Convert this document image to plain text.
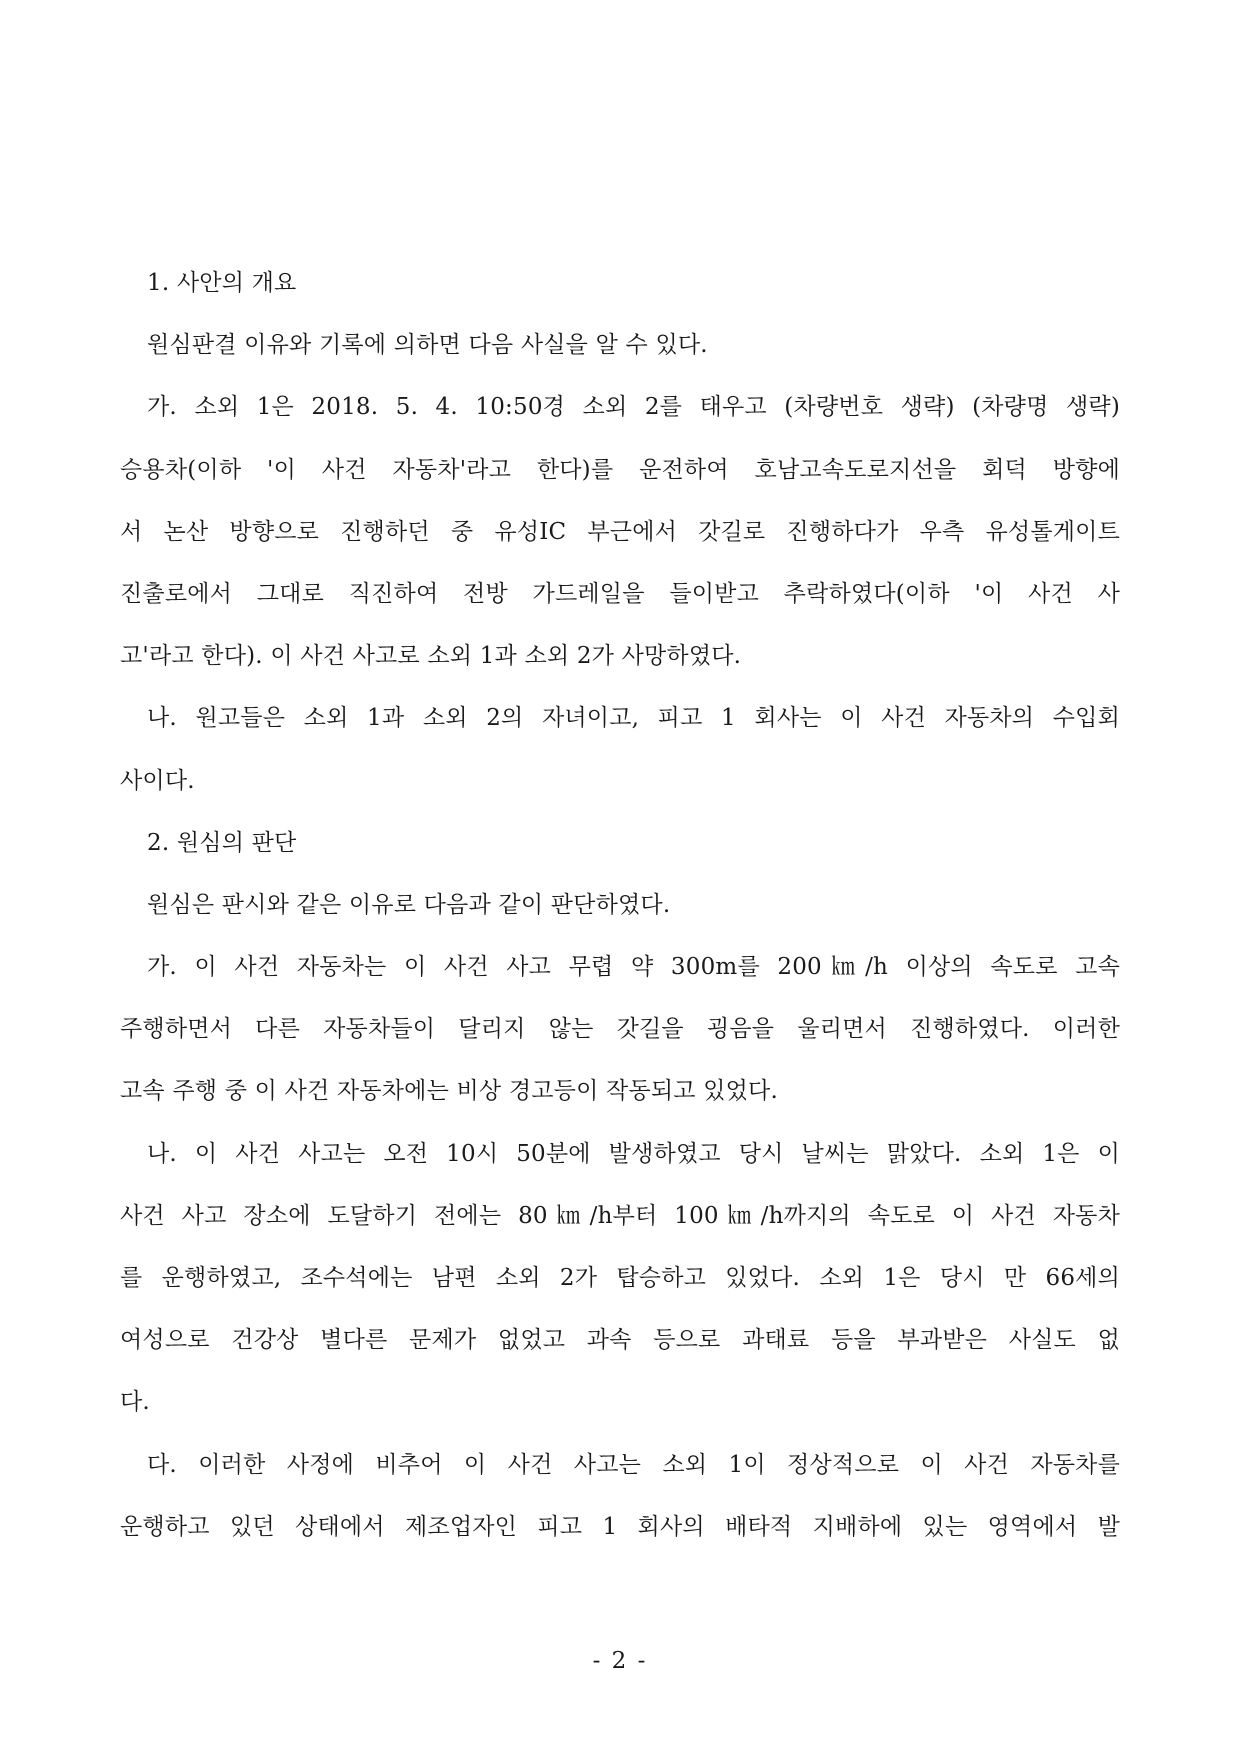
1. 사안의 개요
원심판결 이유와 기록에 의하면 다음 사실을 알 수 있다.
가. 소외 1은 2018. 5. 4. 10:50경 소외 2를 태우고 (차량번호 생략) (차량명 생략)
승용차(이하 '이 사건 자동차'라고 한다)를 운전하여 호남고속도로지선을 회덕 방향에
서 논산 방향으로 진행하던 중 유성IC 부근에서 갓길로 진행하다가 우측 유성톨게이트
진출로에서 그대로 직진하여 전방 가드레일을 들이받고 추락하였다(이하 '이 사건 사
고'라고 한다). 이 사건 사고로 소외 1과 소외 2가 사망하였다.
나. 원고들은 소외 1과 소외 2의 자녀이고, 피고 1 회사는 이 사건 자동차의 수입회
사이다.
2. 원심의 판단
원심은 판시와 같은 이유로 다음과 같이 판단하였다.
가. 이 사건 자동차는 이 사건 사고 무렵 약 300m를 200㎞/h 이상의 속도로 고속
주행하면서 다른 자동차들이 달리지 않는 갓길을 굉음을 울리면서 진행하였다. 이러한
고속 주행 중 이 사건 자동차에는 비상 경고등이 작동되고 있었다.
나. 이 사건 사고는 오전 10시 50분에 발생하였고 당시 날씨는 맑았다. 소외 1은 이
사건 사고 장소에 도달하기 전에는 80㎞/h부터 100㎞/h까지의 속도로 이 사건 자동차
를 운행하였고, 조수석에는 남편 소외 2가 탑승하고 있었다. 소외 1은 당시 만 66세의
여성으로 건강상 별다른 문제가 없었고 과속 등으로 과태료 등을 부과받은 사실도 없
다.
다. 이러한 사정에 비추어 이 사건 사고는 소외 1이 정상적으로 이 사건 자동차를
운행하고 있던 상태에서 제조업자인 피고 1 회사의 배타적 지배하에 있는 영역에서 발
- 2 -
